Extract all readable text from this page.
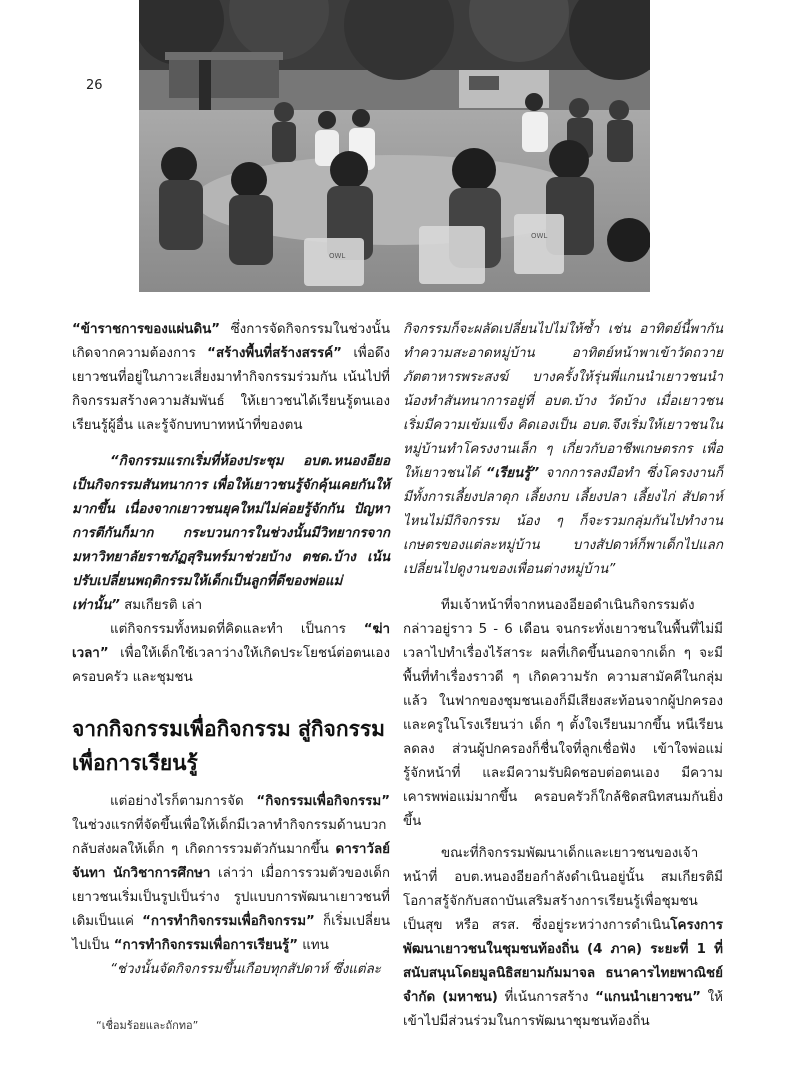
26
OWL
OWL

“ข้าราชการของแผ่นดิน” ซึ่งการจัดกิจกรรมในช่วงนั้น เกิดจากความต้องการ “สร้างพื้นที่สร้างสรรค์” เพื่อดึงเยาวชนที่อยู่ในภาวะเสี่ยงมาทำกิจกรรมร่วมกัน เน้นไปที่กิจกรรมสร้างความสัมพันธ์ ให้เยาวชนได้เรียนรู้ตนเอง เรียนรู้ผู้อื่น และรู้จักบทบาทหน้าที่ของตน

“กิจกรรมแรกเริ่มที่ห้องประชุม อบต.หนองอียอ เป็นกิจกรรมสันทนาการ เพื่อให้เยาวชนรู้จักคุ้นเคยกันให้มากขึ้น เนื่องจากเยาวชนยุคใหม่ไม่ค่อยรู้จักกัน ปัญหาการตีกันก็มาก กระบวนการในช่วงนั้นมีวิทยากรจากมหาวิทยาลัยราชภัฏสุรินทร์มาช่วยบ้าง ตชด.บ้าง เน้นปรับเปลี่ยนพฤติกรรมให้เด็กเป็นลูกที่ดีของพ่อแม่เท่านั้น” สมเกียรติ เล่า

แต่กิจกรรมทั้งหมดที่คิดและทำ เป็นการ “ฆ่าเวลา” เพื่อให้เด็กใช้เวลาว่างให้เกิดประโยชน์ต่อตนเอง ครอบครัว และชุมชน

จากกิจกรรมเพื่อกิจกรรม สู่กิจกรรมเพื่อการเรียนรู้

แต่อย่างไรก็ตามการจัด “กิจกรรมเพื่อกิจกรรม” ในช่วงแรกที่จัดขึ้นเพื่อให้เด็กมีเวลาทำกิจกรรมด้านบวก กลับส่งผลให้เด็ก ๆ เกิดการรวมตัวกันมากขึ้น ดาราวัลย์ จันทา นักวิชาการศึกษา เล่าว่า เมื่อการรวมตัวของเด็กเยาวชนเริ่มเป็นรูปเป็นร่าง รูปแบบการพัฒนาเยาวชนที่เดิมเป็นแค่ “การทำกิจกรรมเพื่อกิจกรรม” ก็เริ่มเปลี่ยนไปเป็น “การทำกิจกรรมเพื่อการเรียนรู้” แทน

“ช่วงนั้นจัดกิจกรรมขึ้นเกือบทุกสัปดาห์ ซึ่งแต่ละ

กิจกรรมก็จะผลัดเปลี่ยนไปไม่ให้ซ้ำ เช่น อาทิตย์นี้พากันทำความสะอาดหมู่บ้าน อาทิตย์หน้าพาเข้าวัดถวายภัตตาหารพระสงฆ์ บางครั้งให้รุ่นพี่แกนนำเยาวชนนำน้องทำสันทนาการอยู่ที่ อบต.บ้าง วัดบ้าง เมื่อเยาวชนเริ่มมีความเข้มแข็ง คิดเองเป็น อบต.จึงเริ่มให้เยาวชนในหมู่บ้านทำโครงงานเล็ก ๆ เกี่ยวกับอาชีพเกษตรกร เพื่อให้เยาวชนได้ “เรียนรู้” จากการลงมือทำ ซึ่งโครงงานก็มีทั้งการเลี้ยงปลาดุก เลี้ยงกบ เลี้ยงปลา เลี้ยงไก่ สัปดาห์ไหนไม่มีกิจกรรม น้อง ๆ ก็จะรวมกลุ่มกันไปทำงานเกษตรของแต่ละหมู่บ้าน บางสัปดาห์ก็พาเด็กไปแลกเปลี่ยนไปดูงานของเพื่อนต่างหมู่บ้าน”

ทีมเจ้าหน้าที่จากหนองอียอดำเนินกิจกรรมดังกล่าวอยู่ราว 5 - 6 เดือน จนกระทั่งเยาวชนในพื้นที่ไม่มีเวลาไปทำเรื่องไร้สาระ ผลที่เกิดขึ้นนอกจากเด็ก ๆ จะมีพื้นที่ทำเรื่องราวดี ๆ เกิดความรัก ความสามัคคีในกลุ่มแล้ว ในฟากของชุมชนเองก็มีเสียงสะท้อนจากผู้ปกครองและครูในโรงเรียนว่า เด็ก ๆ ตั้งใจเรียนมากขึ้น หนีเรียนลดลง ส่วนผู้ปกครองก็ชื่นใจที่ลูกเชื่อฟัง เข้าใจพ่อแม่ รู้จักหน้าที่ และมีความรับผิดชอบต่อตนเอง มีความเคารพพ่อแม่มากขึ้น ครอบครัวก็ใกล้ชิดสนิทสนมกันยิ่งขึ้น

ขณะที่กิจกรรมพัฒนาเด็กและเยาวชนของเจ้าหน้าที่ อบต.หนองอียอกำลังดำเนินอยู่นั้น สมเกียรติมีโอกาสรู้จักกับสถาบันเสริมสร้างการเรียนรู้เพื่อชุมชนเป็นสุข หรือ สรส. ซึ่งอยู่ระหว่างการดำเนินโครงการพัฒนาเยาวชนในชุมชนท้องถิ่น (4 ภาค) ระยะที่ 1 ที่สนับสนุนโดยมูลนิธิสยามกัมมาจล ธนาคารไทยพาณิชย์ จำกัด (มหาชน) ที่เน้นการสร้าง “แกนนำเยาวชน” ให้เข้าไปมีส่วนร่วมในการพัฒนาชุมชนท้องถิ่น

“เชื่อมร้อยและถักทอ”
